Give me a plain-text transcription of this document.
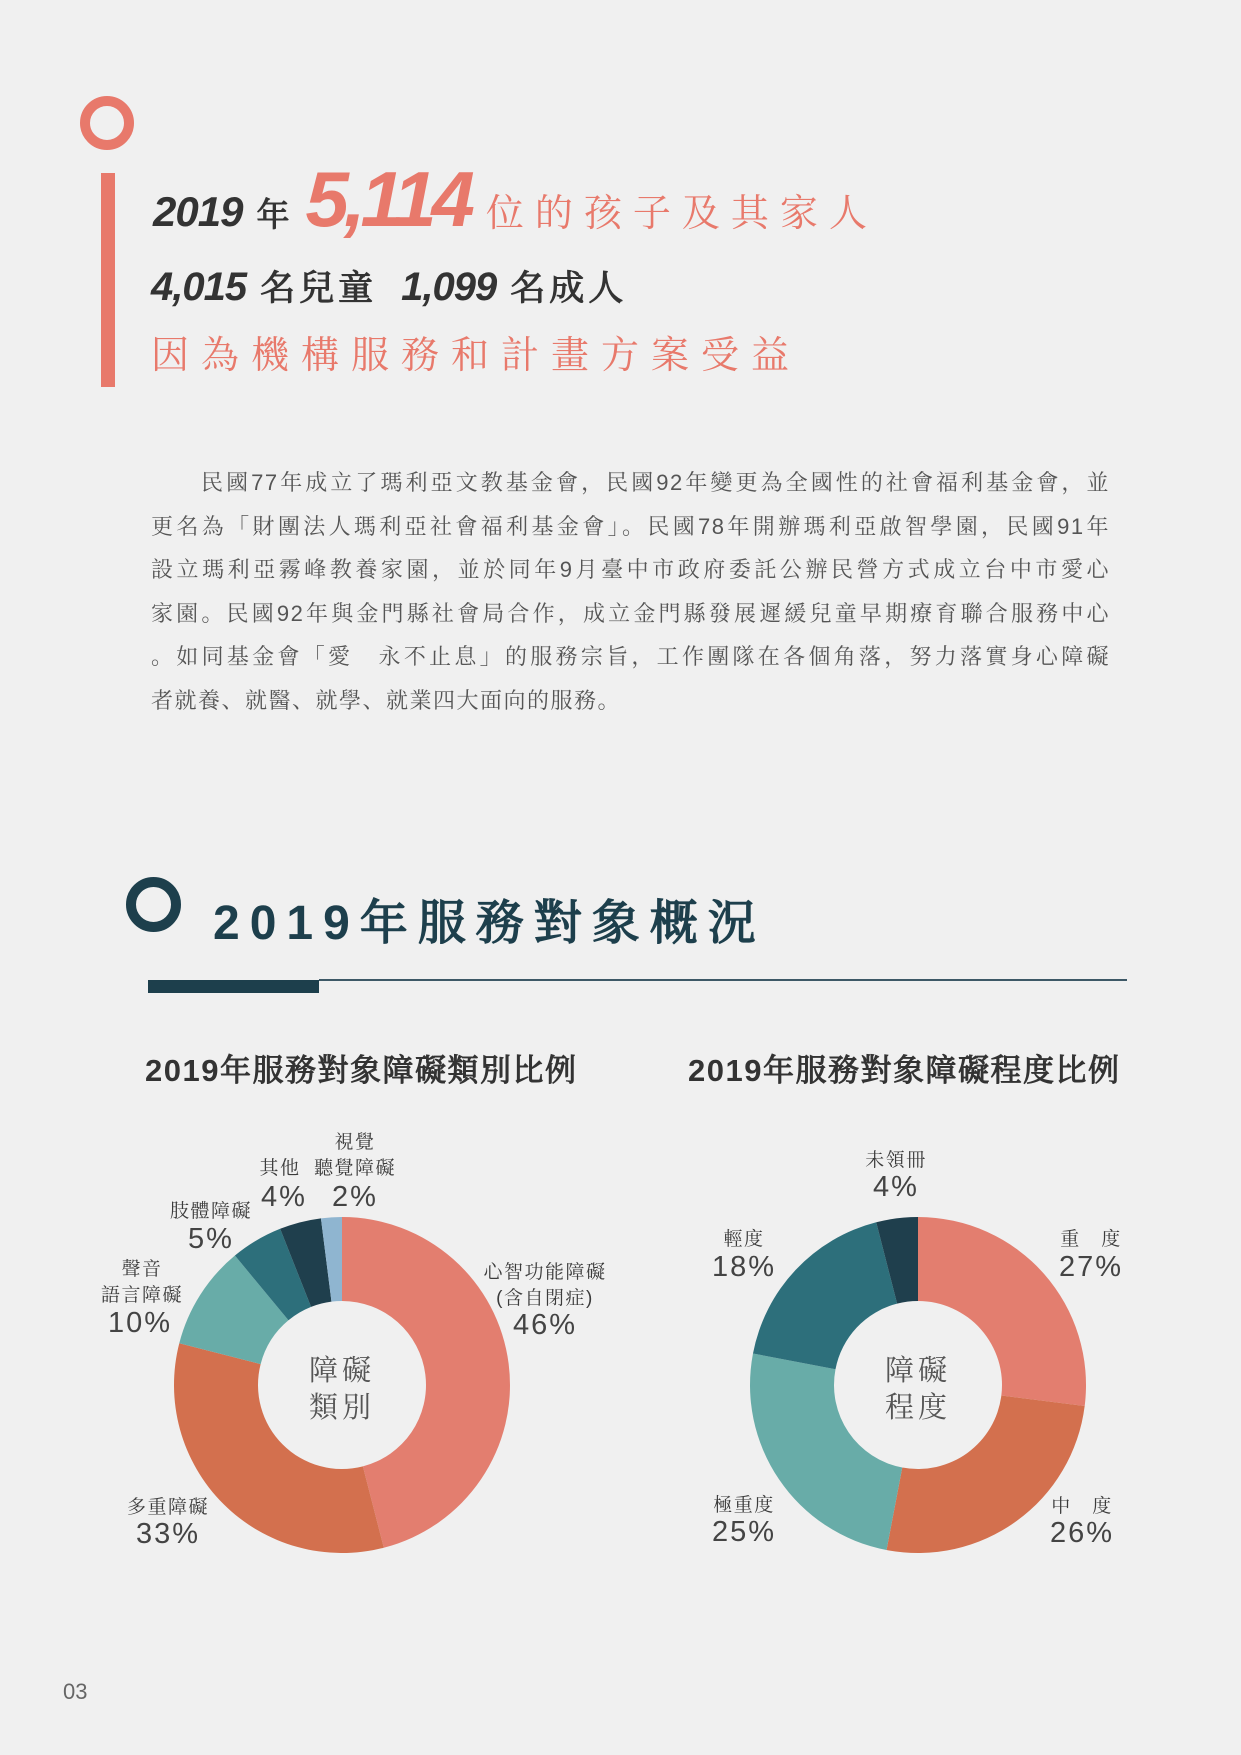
2019 年 5,114 位的孩子及其家人
4,015 名兒童 1,099 名成人
因為機構服務和計畫方案受益
民國77年成立了瑪利亞文教基金會，民國92年變更為全國性的社會福利基金會，並
更名為「財團法人瑪利亞社會福利基金會」。民國78年開辦瑪利亞啟智學園，民國91年
設立瑪利亞霧峰教養家園，並於同年9月臺中市政府委託公辦民營方式成立台中市愛心
家園。民國92年與金門縣社會局合作，成立金門縣發展遲緩兒童早期療育聯合服務中心
。如同基金會「愛　永不止息」的服務宗旨，工作團隊在各個角落，努力落實身心障礙
者就養、就醫、就學、就業四大面向的服務。
2019年服務對象概況
2019年服務對象障礙類別比例	2019年服務對象障礙程度比例
障礙
類別
心智功能障礙
(含自閉症)
46%
多重障礙
33%
聲音
語言障礙
10%
肢體障礙
5%
其他
4%
視覺
聽覺障礙
2%
障礙
程度
重　度
27%
中　度
26%
極重度
25%
輕度
18%
未領冊
4%
03
